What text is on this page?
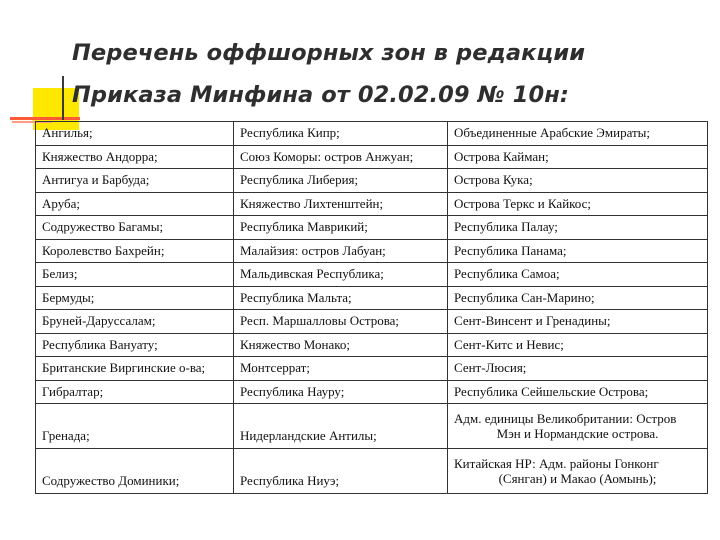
Перечень оффшорных зон в редакции
Приказа Минфина от 02.02.09 № 10н:
Ангилья;	Республика Кипр;	Объединенные Арабские Эмираты;
Княжество Андорра;	Союз Коморы: остров Анжуан;	Острова Кайман;
Антигуа и Барбуда;	Республика Либерия;	Острова Кука;
Аруба;	Княжество Лихтенштейн;	Острова Теркс и Кайкос;
Содружество Багамы;	Республика Маврикий;	Республика Палау;
Королевство Бахрейн;	Малайзия: остров Лабуан;	Республика Панама;
Белиз;	Мальдивская Республика;	Республика Самоа;
Бермуды;	Республика Мальта;	Республика Сан-Марино;
Бруней-Даруссалам;	Респ. Маршалловы Острова;	Сент-Винсент и Гренадины;
Республика Вануату;	Княжество Монако;	Сент-Китс и Невис;
Британские Виргинские о-ва;	Монтсеррат;	Сент-Люсия;
Гибралтар;	Республика Науру;	Республика Сейшельские Острова;
Гренада;	Нидерландские Антилы;	Адм. единицы Великобритании: Остров
Мэн и Нормандские острова.

Содружество Доминики;	Республика Ниуэ;	Китайская НР: Адм. районы Гонконг
(Сянган) и Макао (Аомынь);
